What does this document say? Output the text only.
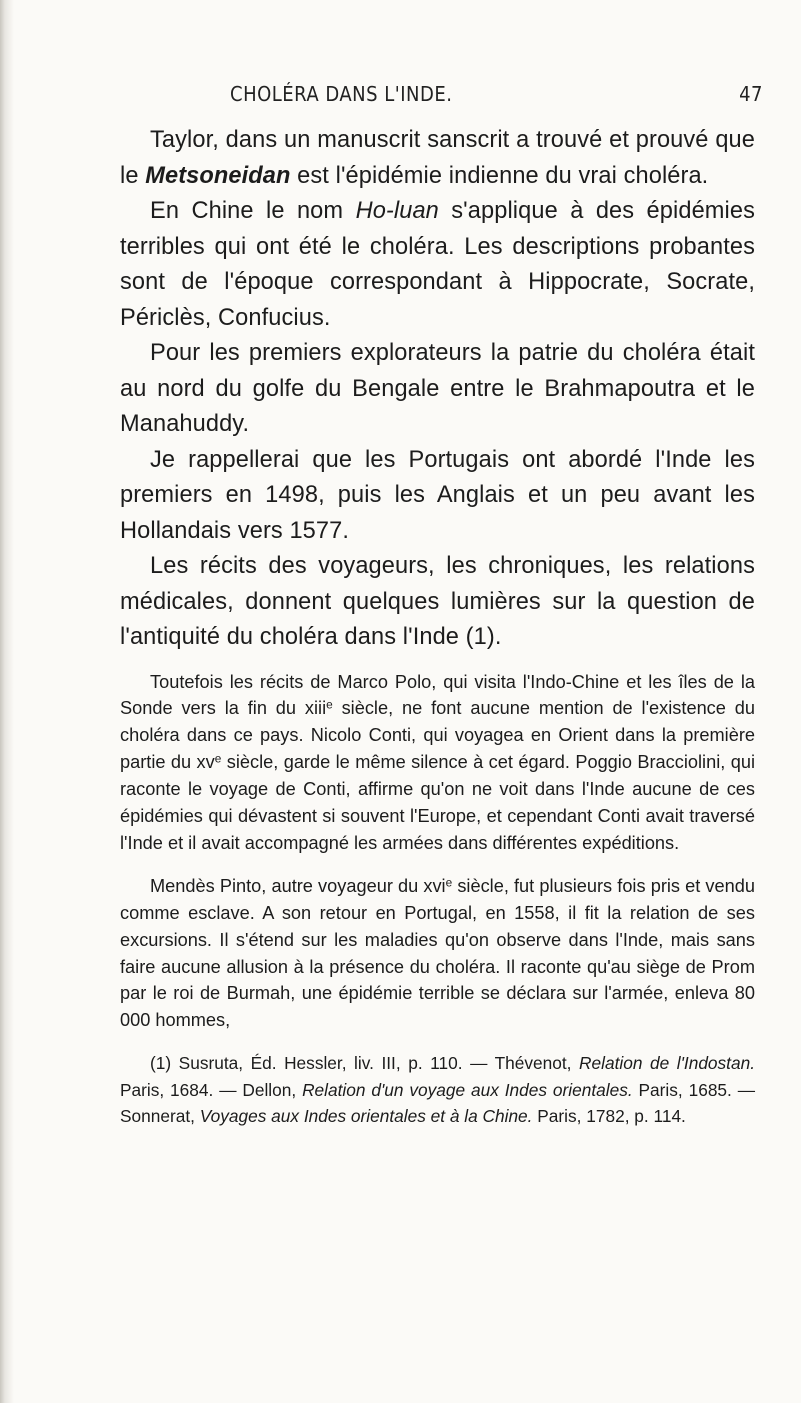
CHOLÉRA DANS L'INDE.	47

Taylor, dans un manuscrit sanscrit a trouvé et prouvé que le Metsoneidan est l'épidémie indienne du vrai choléra.

En Chine le nom Ho-luan s'applique à des épidémies terribles qui ont été le choléra. Les descriptions probantes sont de l'époque correspondant à Hippocrate, Socrate, Périclès, Confucius.

Pour les premiers explorateurs la patrie du choléra était au nord du golfe du Bengale entre le Brahmapoutra et le Manahuddy.

Je rappellerai que les Portugais ont abordé l'Inde les premiers en 1498, puis les Anglais et un peu avant les Hollandais vers 1577.

Les récits des voyageurs, les chroniques, les relations médicales, donnent quelques lumières sur la question de l'antiquité du choléra dans l'Inde (1).

Toutefois les récits de Marco Polo, qui visita l'Indo-Chine et les îles de la Sonde vers la fin du xiii$^e$ siècle, ne font aucune mention de l'existence du choléra dans ce pays. Nicolo Conti, qui voyagea en Orient dans la première partie du $xv^e$ siècle, garde le même silence à cet égard. Poggio Bracciolini, qui raconte le voyage de Conti, affirme qu'on ne voit dans l'Inde aucune de ces épidémies qui dévastent si souvent l'Europe, et cependant Conti avait traversé l'Inde et il avait accompagné les armées dans différentes expéditions.

Mendès Pinto, autre voyageur du xvi$^e$ siècle, fut plusieurs fois pris et vendu comme esclave. A son retour en Portugal, en 1558, il fit la relation de ses excursions. Il s'étend sur les maladies qu'on observe dans l'Inde, mais sans faire aucune allusion à la présence du choléra. Il raconte qu'au siège de Prom par le roi de Burmah, une épidémie terrible se déclara sur l'armée, enleva 80 000 hommes,

(1) Susruta, Éd. Hessler, liv. III, p. 110. — Thévenot, Relation de l'Indostan. Paris, 1684. — Dellon, Relation d'un voyage aux Indes orientales. Paris, 1685. — Sonnerat, Voyages aux Indes orientales et à la Chine. Paris, 1782, p. 114.
